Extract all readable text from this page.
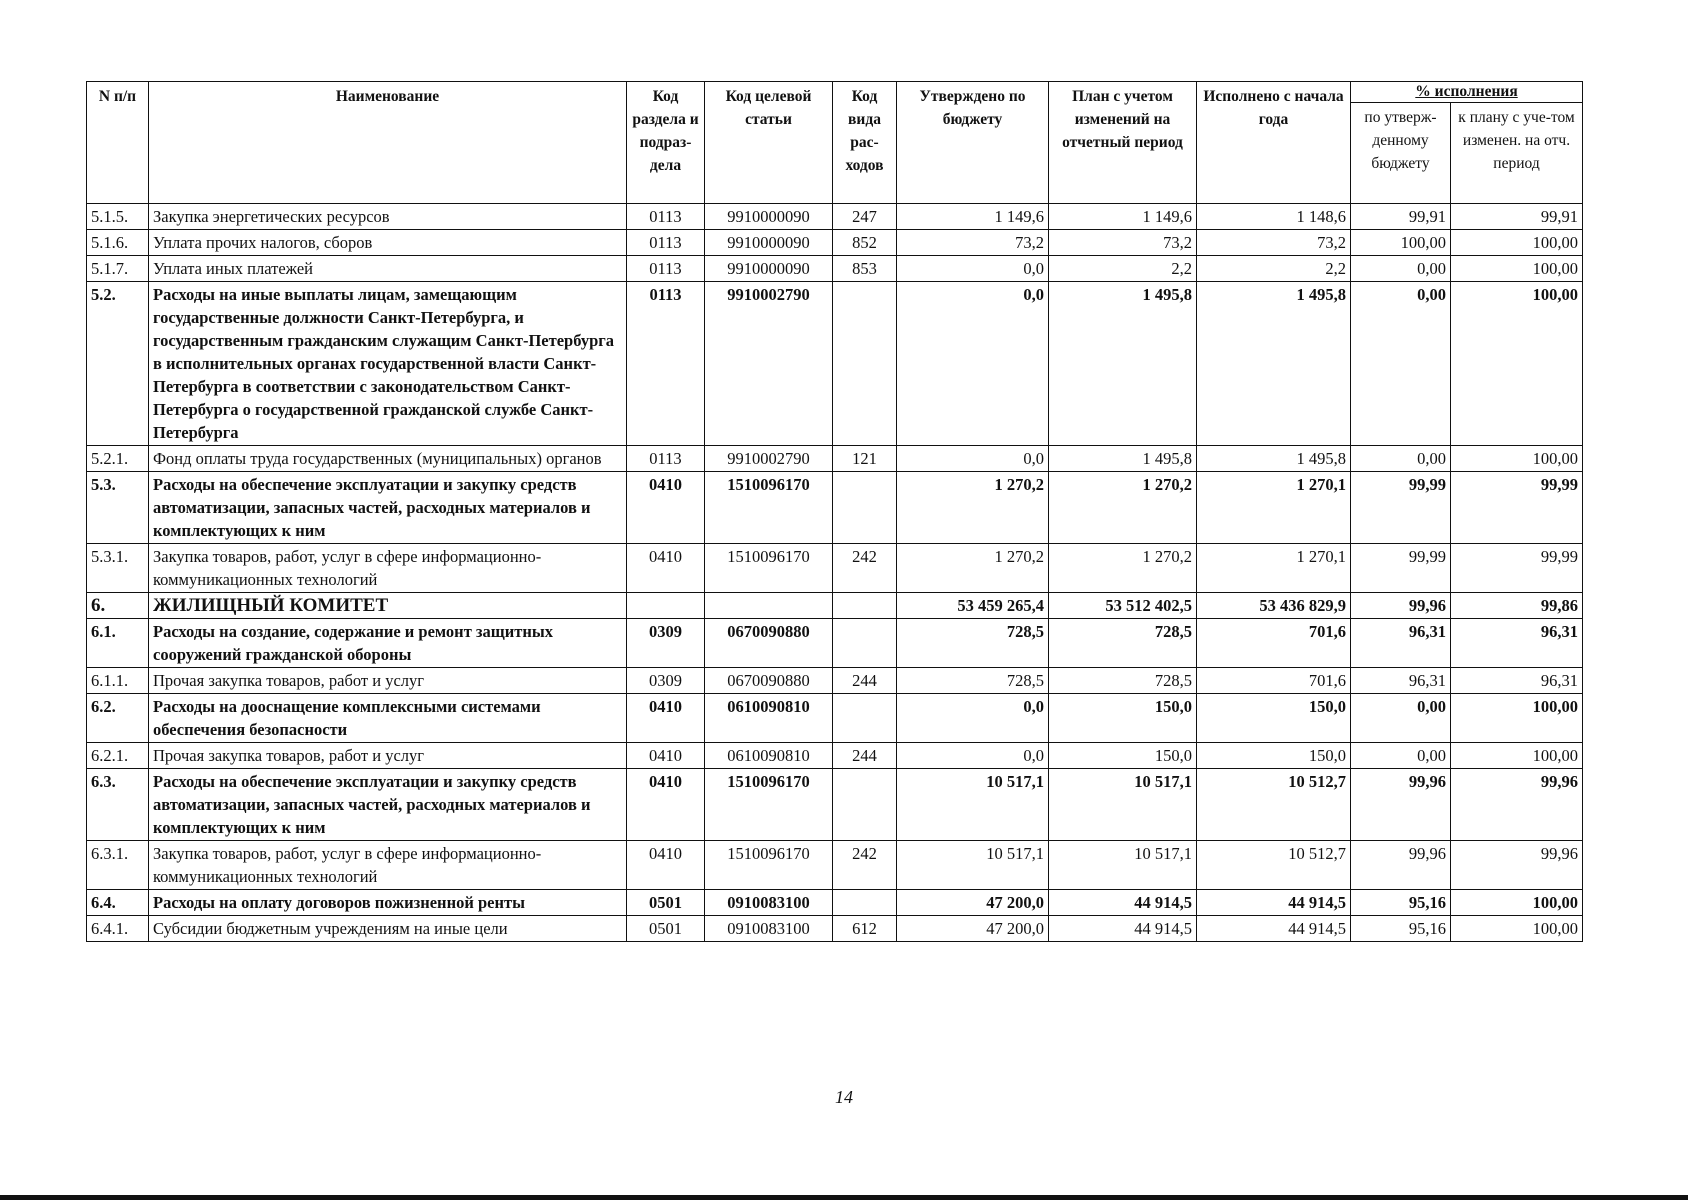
N п/п	Наименование	Код раздела и подраз-дела	Код целевой статьи	Код вида рас-ходов	Утверждено по бюджету	План с учетом изменений на отчетный период	Исполнено с начала года	% исполнения	
								по утверж-денному бюджету	к плану с уче-том изменен. на отч. период
5.1.5.	Закупка энергетических ресурсов	0113	9910000090	247	1 149,6	1 149,6	1 148,6	99,91	99,91
5.1.6.	Уплата прочих налогов, сборов	0113	9910000090	852	73,2	73,2	73,2	100,00	100,00
5.1.7.	Уплата иных платежей	0113	9910000090	853	0,0	2,2	2,2	0,00	100,00
5.2.	Расходы на иные выплаты лицам, замещающим государственные должности Санкт-Петербурга, и государственным гражданским служащим Санкт-Петербурга в исполнительных органах государственной власти Санкт-Петербурга в соответствии с законодательством Санкт-Петербурга о государственной гражданской службе Санкт-Петербурга	0113	9910002790		0,0	1 495,8	1 495,8	0,00	100,00
5.2.1.	Фонд оплаты труда государственных (муниципальных) органов	0113	9910002790	121	0,0	1 495,8	1 495,8	0,00	100,00
5.3.	Расходы на обеспечение эксплуатации и закупку средств автоматизации, запасных частей, расходных материалов и комплектующих к ним	0410	1510096170		1 270,2	1 270,2	1 270,1	99,99	99,99
5.3.1.	Закупка товаров, работ, услуг в сфере информационно-коммуникационных технологий	0410	1510096170	242	1 270,2	1 270,2	1 270,1	99,99	99,99
6.	ЖИЛИЩНЫЙ КОМИТЕТ				53 459 265,4	53 512 402,5	53 436 829,9	99,96	99,86
6.1.	Расходы на создание, содержание и ремонт защитных сооружений гражданской обороны	0309	0670090880		728,5	728,5	701,6	96,31	96,31
6.1.1.	Прочая закупка товаров, работ и услуг	0309	0670090880	244	728,5	728,5	701,6	96,31	96,31
6.2.	Расходы на дооснащение комплексными системами обеспечения безопасности	0410	0610090810		0,0	150,0	150,0	0,00	100,00
6.2.1.	Прочая закупка товаров, работ и услуг	0410	0610090810	244	0,0	150,0	150,0	0,00	100,00
6.3.	Расходы на обеспечение эксплуатации и закупку средств автоматизации, запасных частей, расходных материалов и комплектующих к ним	0410	1510096170		10 517,1	10 517,1	10 512,7	99,96	99,96
6.3.1.	Закупка товаров, работ, услуг в сфере информационно-коммуникационных технологий	0410	1510096170	242	10 517,1	10 517,1	10 512,7	99,96	99,96
6.4.	Расходы на оплату договоров пожизненной ренты	0501	0910083100		47 200,0	44 914,5	44 914,5	95,16	100,00
6.4.1.	Субсидии бюджетным учреждениям на иные цели	0501	0910083100	612	47 200,0	44 914,5	44 914,5	95,16	100,00
14
